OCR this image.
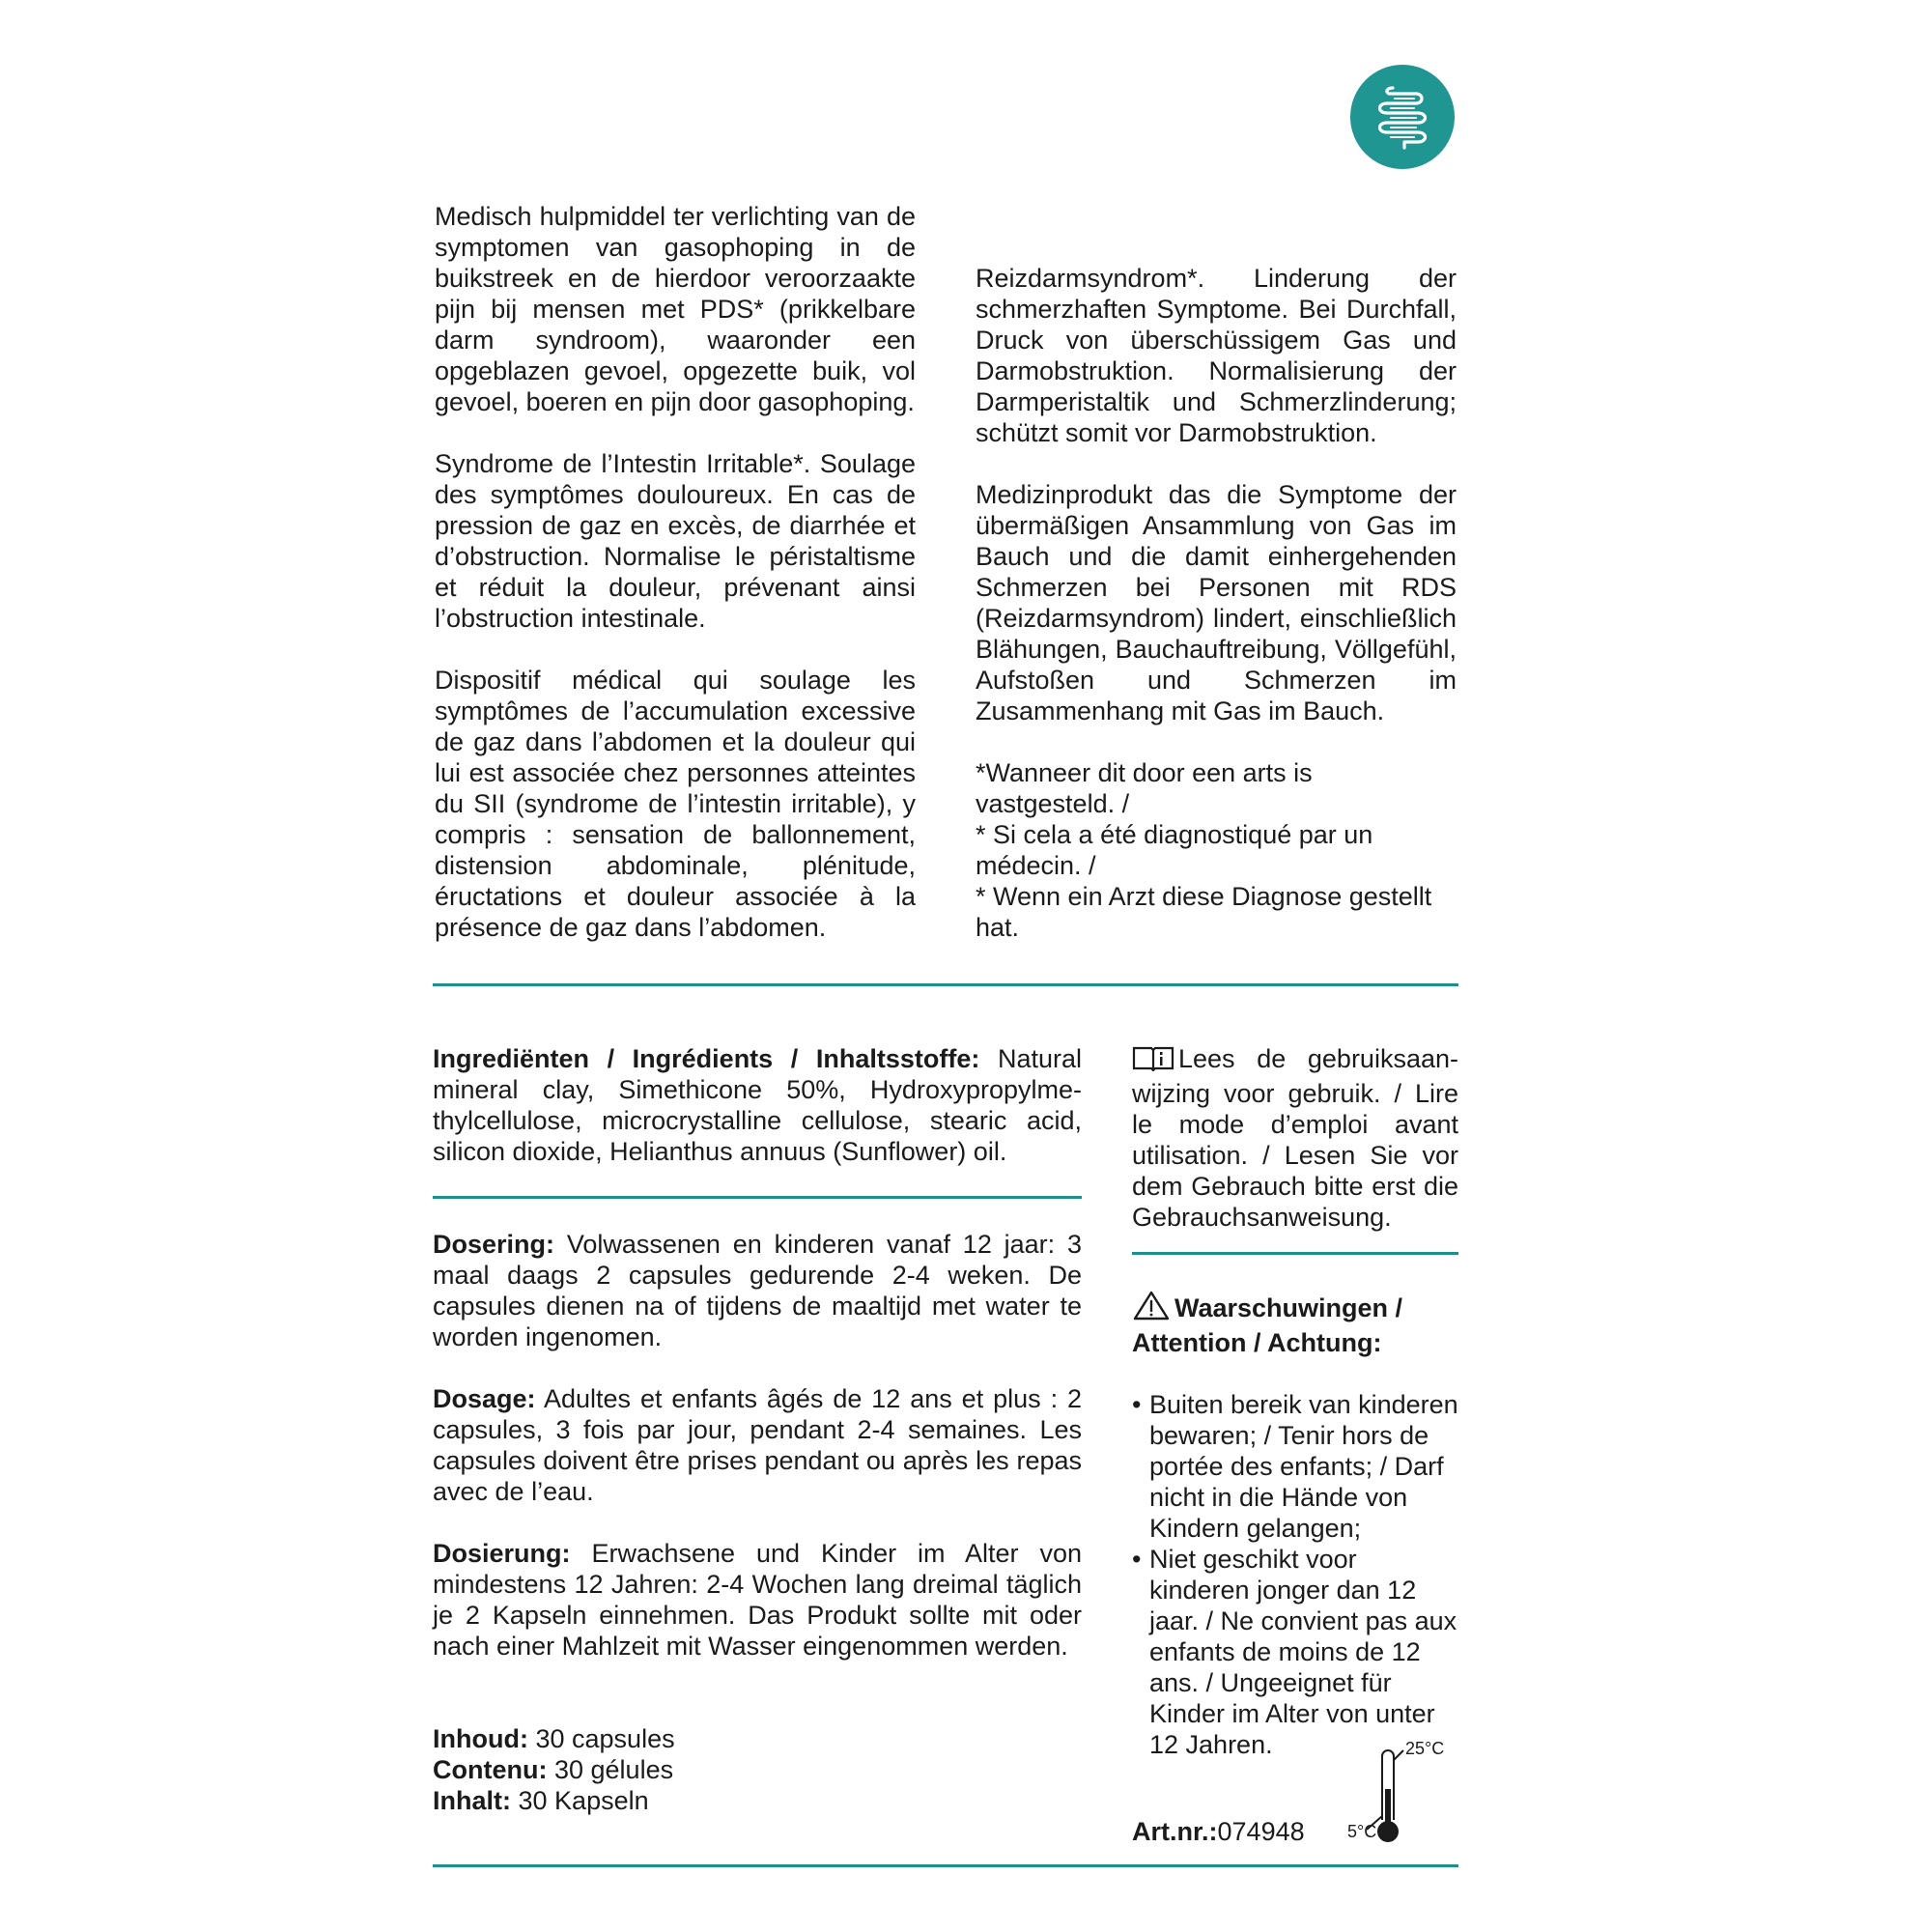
Medisch hulpmiddel ter verlichting van de symptomen van gasophoping in de buikstreek en de hierdoor veroorzaakte pijn bij mensen met PDS* (prikkelbare darm syndroom), waaronder een opgeblazen gevoel, opgezette buik, vol gevoel, boeren en pijn door gasophoping.

Syndrome de l’Intestin Irritable*. Soulage des symptômes douloureux. En cas de pression de gaz en excès, de diarrhée et d’obstruction. Normalise le péristaltisme et réduit la douleur, prévenant ainsi l’obstruction intestinale.

Dispositif médical qui soulage les symptômes de l’accumulation excessive de gaz dans l’abdomen et la douleur qui lui est associée chez personnes atteintes du SII (syndrome de l’intestin irritable), y compris : sensation de ballonnement, distension abdominale, plénitude, éructations et douleur associée à la présence de gaz dans l’abdomen.

Reizdarmsyndrom*. Linderung der schmerzhaften Symptome. Bei Durchfall, Druck von überschüssigem Gas und Darmobstruktion. Normalisierung der Darmperistaltik und Schmerzlinderung; schützt somit vor Darmobstruktion.

Medizinprodukt das die Symptome der übermäßigen Ansammlung von Gas im Bauch und die damit einhergehenden Schmerzen bei Personen mit RDS (Reizdarmsyndrom) lindert, einschließlich Blähungen, Bauchauftreibung, Völlgefühl, Aufstoßen und Schmerzen im Zusammenhang mit Gas im Bauch.

*Wanneer dit door een arts is vastgesteld. /
* Si cela a été diagnostiqué par un médecin. /
* Wenn ein Arzt diese Diagnose gestellt hat.
Ingrediënten / Ingrédients / Inhaltsstoffe: Natural mineral clay, Simethicone 50%, Hydroxypropylmethylcellulose, microcrystalline cellulose, stearic acid, silicon dioxide, Helianthus annuus (Sunflower) oil.

Dosering: Volwassenen en kinderen vanaf 12 jaar: 3 maal daags 2 capsules gedurende 2-4 weken. De capsules dienen na of tijdens de maaltijd met water te worden ingenomen.

Dosage: Adultes et enfants âgés de 12 ans et plus : 2 capsules, 3 fois par jour, pendant 2-4 semaines. Les capsules doivent être prises pendant ou après les repas avec de l’eau.

Dosierung: Erwachsene und Kinder im Alter von mindestens 12 Jahren: 2-4 Wochen lang dreimal täglich je 2 Kapseln einnehmen. Das Produkt sollte mit oder nach einer Mahlzeit mit Wasser eingenommen werden.

Inhoud: 30 capsules
Contenu: 30 gélules
Inhalt: 30 Kapseln
Lees de gebruiksaanwijzing voor gebruik. / Lire le mode d’emploi avant utilisation. / Lesen Sie vor dem Gebrauch bitte erst die Gebrauchsanweisung.

Waarschuwingen /
Attention / Achtung:

• Buiten bereik van kinderen bewaren; / Tenir hors de portée des enfants; / Darf nicht in die Hände von Kindern gelangen;
• Niet geschikt voor kinderen jonger dan 12 jaar. / Ne convient pas aux enfants de moins de 12 ans. / Ungeeignet für Kinder im Alter von unter 12 Jahren.
Art.nr.:074948
25°C
5°C
